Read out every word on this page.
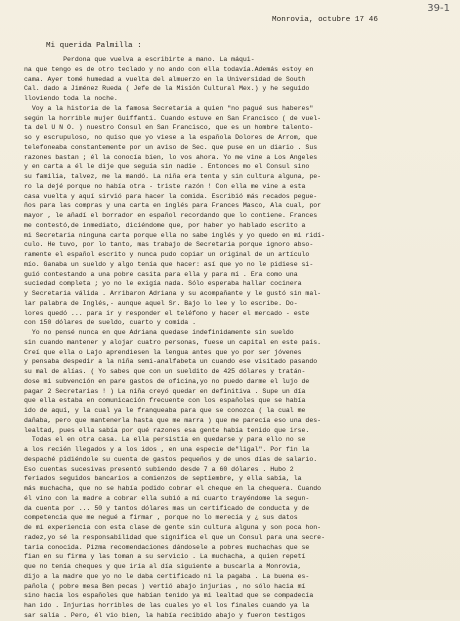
39-1
Monrovia, octubre 17 46
Mi querida Palmilla :
Perdona que vuelva a escribirte a mano. La máqui-
na que tengo es de otro teclado y no ando con ella todavía.Además estoy en
cama. Ayer tomé humedad a vuelta del almuerzo en la Universidad de South
Cal. dado a Jiménez Rueda ( Jefe de la Misión Cultural Mex.) y he seguido
lloviendo toda la noche.
Voy a la historia de la famosa Secretaria a quien "no pagué sus haberes"
según la horrible mujer Guiffanti. Cuando estuve en San Francisco ( de vuel-
ta del U N O. ) nuestro Consul en San Francisco, que es un hombre talento-
so y escrupuloso, no quiso que yo viese a la española Dolores de Arrom, que
telefoneaba constantemente por un aviso de Sec. que puse en un diario . Sus
razones bastan ; él la conocía bien, lo vos ahora. Yo me vine a Los Angeles
y en carta a él le dije que seguía sin nadie . Entonces mo el Consul sino
su familia, talvez, me la mandó. La niña era tenta y sin cultura alguna, pe-
ro la dejé porque no había otra - triste razón ! Con ella me vine a esta
casa vuelta y aquí sirvió para hacer la comida. Escribió más recados pegue-
ños para las compras y una carta en inglés para Frances Masco, Ala cual, por
mayor , le añadí el borrador en español recordando que lo contiene. Frances
me contestó,de inmediato, diciéndome que, por haber yo hablado escrito a
mi Secretaria ninguna carta porque ella no sabe inglés y yo quedo en mi ridí-
culo. He tuvo, por lo tanto, mas trabajo de Secretaria porque ignoro abso-
ramente el español escrito y nunca pudo copiar un original de un artículo
mío. Ganaba un sueldo y algo tenía que hacer: así que yo no le pidiese si-
guió contestando a una pobre casita para ella y para mí . Era como una
suciedad completa ; yo no le exigía nada. Sólo esperaba hallar cocinera
y Secretaria válida . Arribaron Adriana y su acompañante y le gustó sin mal-
lar palabra de Inglés,- aunque aquel Sr. Bajo lo lee y lo escribe. Do-
lores quedó ... para ir y responder el teléfono y hacer el mercado - este
con 150 dólares de sueldo, cuarto y comida .
Yo no pensé nunca en que Adriana quedase indefinidamente sin sueldo
sin cuando mantener y alojar cuatro personas, fuese un capital en este país.
Creí que ella o Lajo aprendiesen la lengua antes que yo por ser jóvenes
y pensaba despedir a la niña semi-analfabeta un cuando ese visitado pasando
su mal de alías. ( Yo sabes que con un sueldito de 425 dólares y tratán-
dose mi subvención en pare gastos de oficina,yo no puedo darme el lujo de
pagar 2 Secretarias ! ) La niña creyó quedar en definitiva . Supe un día
que ella estaba en comunicación frecuente con los españoles que se había
ido de aquí, y la cual ya le franqueaba para que se conozca ( la cual me
dañaba, pero que mantenerla hasta que me marra ) que me parecía eso una des-
lealtad, pues ella sabía por qué razones esa gente había tenido que irse.
Todas el en otra casa. La ella persistía en quedarse y para ello no se
a los recién llegados y a los idos , en una especie de"ligal". Por fin la
despaché pidiéndole su cuenta de gastos pequeños y de unos días de salario.
Eso cuentas sucesivas presentó subiendo desde 7 a 60 dólares . Hubo 2
feriados seguidos bancarios a comienzos de septiembre, y ella sabía, la
más muchacha, que no se había podido cobrar el cheque en la chequera. Cuando
él vino con la madre a cobrar ella subió a mí cuarto trayéndome la segun-
da cuenta por ... 50 y tantos dólares mas un certificado de conducta y de
competencia que me negué a firmar , porque no lo merecía y ¿ sus datos
de mi experiencia con esta clase de gente sin cultura alguna y son poca hon-
radez,yo sé la responsabilidad que significa el que un Consul para una secre-
taria conocida. Pizma recomendaciones dándosele a pobres muchachas que se
fian en su firma y las toman a su servicio . La muchacha, a quien repetí
que no tenía cheques y que iría al día siguiente a buscarla a Monrovia,
dijo a la madre que yo no le daba certificado ni la pagaba . La buena es-
pañola ( pobre mesa Ben pecas ) vertió abajo injurias , no sólo hacia mí
sino hacia los españoles que habían tenido ya mi lealtad que se compadecía
han ido . Injurias horribles de las cuales yo el los finales cuando ya la
sar salía . Pero, él vio bien, la había recibido abajo y fueron testigos
